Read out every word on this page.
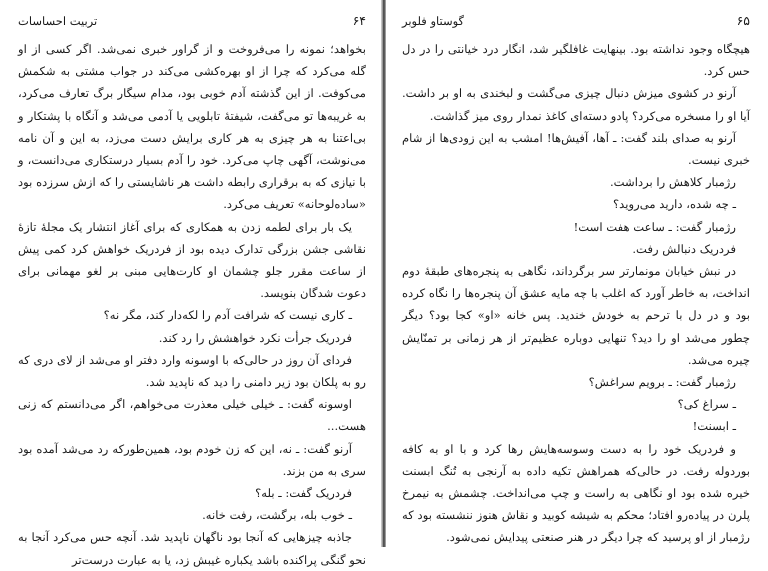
۶۴
تربیت احساسات

بخواهد؛ نمونه را می‌فروخت و از گراور خبری نمی‌شد. اگر کسی از او گله می‌کرد که چرا از او بهره‌کشی می‌کند در جواب مشتی به شکمش می‌کوفت. از این گذشته آدم خوبی بود، مدام سیگار برگ تعارف می‌کرد، به غریبه‌ها تو می‌گفت، شیفتهٔ تابلویی یا آدمی می‌شد و آنگاه با پشتکار و بی‌اعتنا به هر چیزی به هر کاری برایش دست می‌زد، به این و آن نامه می‌نوشت، آگهی چاپ می‌کرد. خود را آدم بسیار درستکاری می‌دانست، و با نیازی که به برقراری رابطه داشت هر ناشایستی را که ازش سرزده بود «ساده‌لوحانه» تعریف می‌کرد.

یک بار برای لطمه زدن به همکاری که برای آغاز انتشار یک مجلهٔ تازهٔ نقاشی جشن بزرگی تدارک دیده بود از فردریک خواهش کرد کمی پیش از ساعت مقرر جلو چشمان او کارت‌هایی مبنی بر لغو مهمانی برای دعوت شدگان بنویسد.

ـ کاری نیست که شرافت آدم را لکه‌دار کند، مگر نه؟

فردریک جرأت نکرد خواهشش را رد کند.

فردای آن روز در حالی‌که با اوسونه وارد دفتر او می‌شد از لای دری که رو به پلکان بود زیر دامنی را دید که ناپدید شد.

اوسونه گفت: ـ خیلی خیلی معذرت می‌خواهم، اگر می‌دانستم که زنی هست...

آرنو گفت: ـ نه، این که زن خودم بود، همین‌طورکه رد می‌شد آمده بود سری به من بزند.

فردریک گفت: ـ بله؟

ـ خوب بله، برگشت، رفت خانه.

جاذبه چیزهایی که آنجا بود ناگهان ناپدید شد. آنچه حس می‌کرد آنجا به نحو گنگی پراکنده باشد یکباره غیبش زد، یا به عبارت درست‌تر

۶۵
گوستاو فلوبر

هیچگاه وجود نداشته بود. بینهایت غافلگیر شد، انگار درد خیانتی را در دل حس کرد.

آرنو در کشوی میزش دنبال چیزی می‌گشت و لبخندی به او بر داشت. آیا او را مسخره می‌کرد؟ پادو دسته‌ای کاغذ نمدار روی میز گذاشت.

آرنو به صدای بلند گفت: ـ آها، آفیش‌ها! امشب به این زودی‌ها از شام خبری نیست.

رژمبار کلاهش را برداشت.

ـ چه شده، دارید می‌روید؟

رژمبار گفت: ـ ساعت هفت است!

فردریک دنبالش رفت.

در نبش خیابان مونمارتر سر برگرداند، نگاهی به پنجره‌های طبقهٔ دوم انداخت، به خاطر آورد که اغلب با چه مایه عشق آن پنجره‌ها را نگاه کرده بود و در دل با ترحم به خودش خندید. پس خانه «او» کجا بود؟ دیگر چطور می‌شد او را دید؟ تنهایی دوباره عظیم‌تر از هر زمانی بر تمنّایش چیره می‌شد.

رژمبار گفت: ـ برویم سراغش؟

ـ سراغ کی؟

ـ ابسنت!

و فردریک خود را به دست وسوسه‌هایش رها کرد و با او به کافه بوردوله رفت. در حالی‌که همراهش تکیه داده به آرنجی به تُنگ ابسنت خیره شده بود او نگاهی به راست و چپ می‌انداخت. چشمش به نیمرخ پلرن در پیاده‌رو افتاد؛ محکم به شیشه کوبید و نقاش هنوز ننشسته بود که رژمبار از او پرسید که چرا دیگر در هنر صنعتی پیدایش نمی‌شود.
